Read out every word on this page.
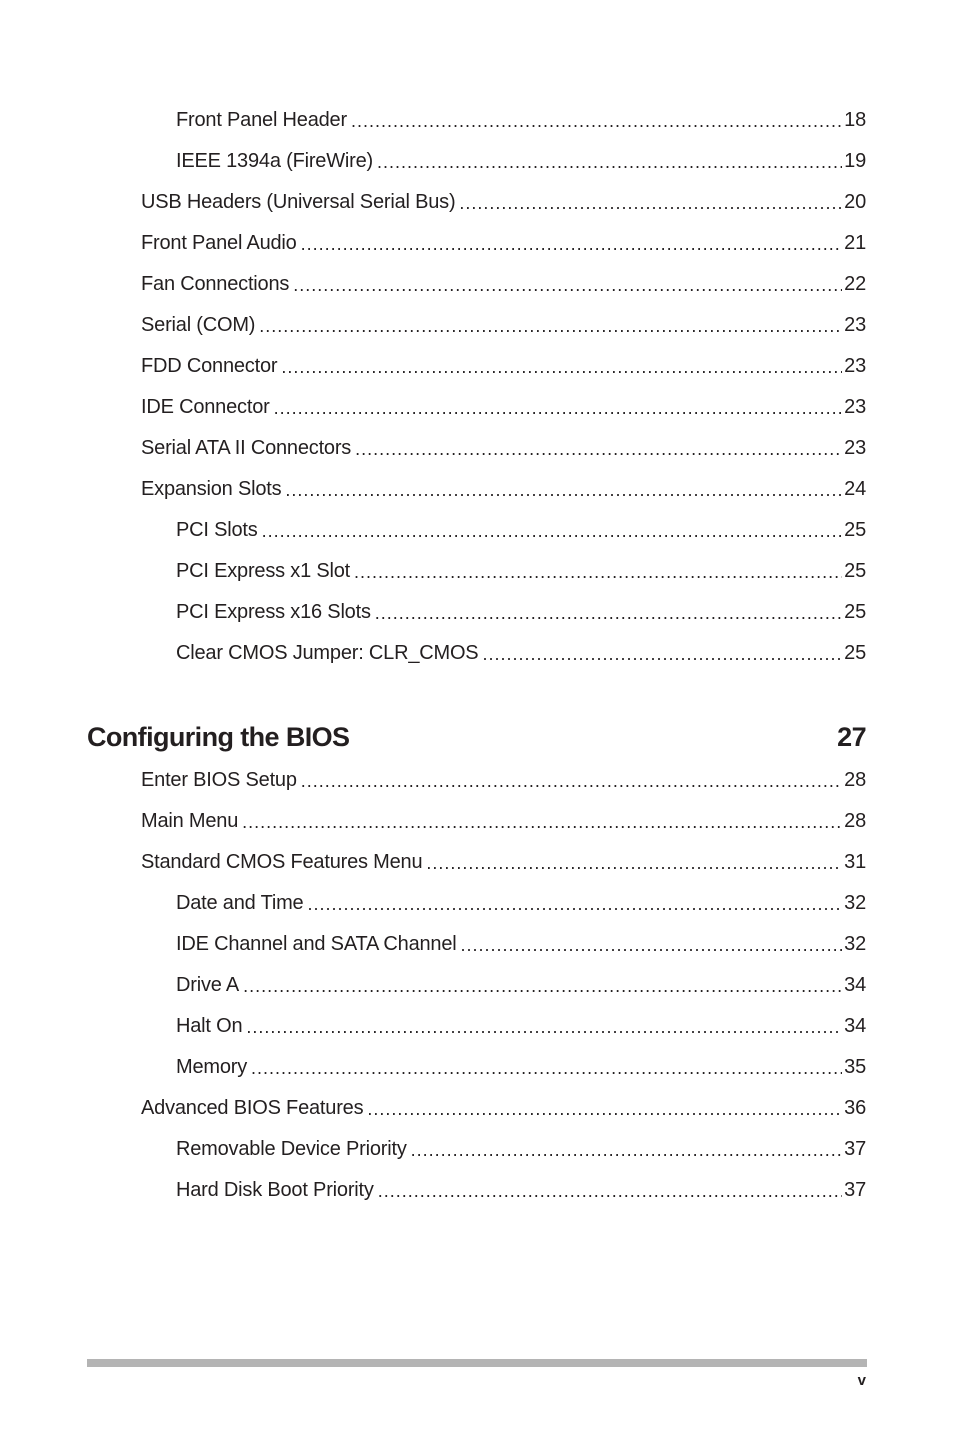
Front Panel Header .....	18
IEEE 1394a (FireWire) .....	19
USB Headers (Universal Serial Bus) .....	20
Front Panel Audio .....	21
Fan Connections .....	22
Serial (COM) .....	23
FDD Connector .....	23
IDE Connector .....	23
Serial ATA II Connectors .....	23
Expansion Slots .....	24
PCI Slots .....	25
PCI Express x1 Slot .....	25
PCI Express x16 Slots .....	25
Clear CMOS Jumper: CLR_CMOS .....	25
Configuring the BIOS	27
Enter BIOS Setup .....	28
Main Menu .....	28
Standard CMOS Features Menu .....	31
Date and Time .....	32
IDE Channel and SATA Channel .....	32
Drive A .....	34
Halt On .....	34
Memory .....	35
Advanced BIOS Features .....	36
Removable Device Priority .....	37
Hard Disk Boot Priority .....	37
v
